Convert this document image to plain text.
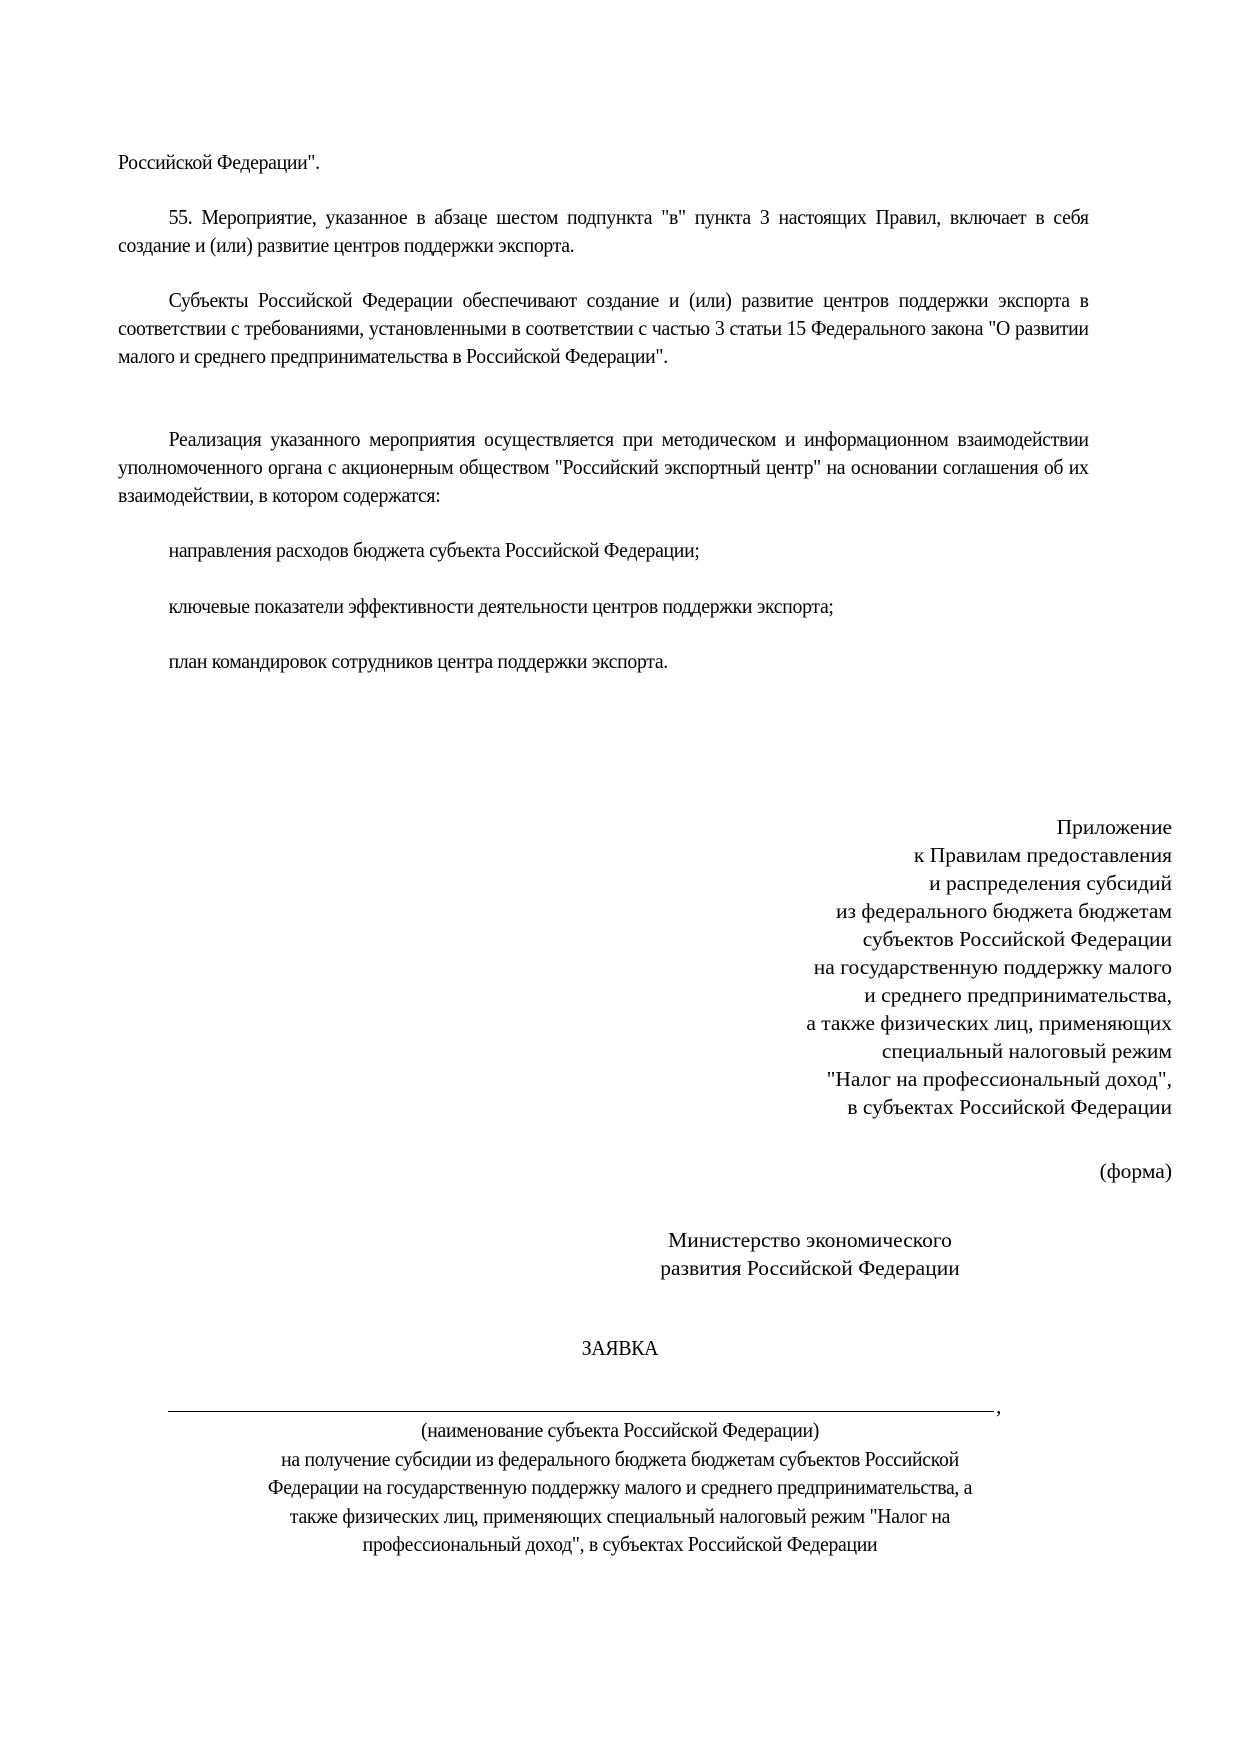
Российской Федерации".

55. Мероприятие, указанное в абзаце шестом подпункта "в" пункта 3 настоящих Правил, включает в себя создание и (или) развитие центров поддержки экспорта.

Субъекты Российской Федерации обеспечивают создание и (или) развитие центров поддержки экспорта в соответствии с требованиями, установленными в соответствии с частью 3 статьи 15 Федерального закона "О развитии малого и среднего предпринимательства в Российской Федерации".

Реализация указанного мероприятия осуществляется при методическом и информационном взаимодействии уполномоченного органа с акционерным обществом "Российский экспортный центр" на основании соглашения об их взаимодействии, в котором содержатся:

направления расходов бюджета субъекта Российской Федерации;

ключевые показатели эффективности деятельности центров поддержки экспорта;

план командировок сотрудников центра поддержки экспорта.

Приложение
к Правилам предоставления
и распределения субсидий
из федерального бюджета бюджетам
субъектов Российской Федерации
на государственную поддержку малого
и среднего предпринимательства,
а также физических лиц, применяющих
специальный налоговый режим
"Налог на профессиональный доход",
в субъектах Российской Федерации
(форма)
Министерство экономического
развития Российской Федерации
ЗАЯВКА
,
(наименование субъекта Российской Федерации)
на получение субсидии из федерального бюджета бюджетам субъектов Российской
Федерации на государственную поддержку малого и среднего предпринимательства, а
также физических лиц, применяющих специальный налоговый режим "Налог на
профессиональный доход", в субъектах Российской Федерации
